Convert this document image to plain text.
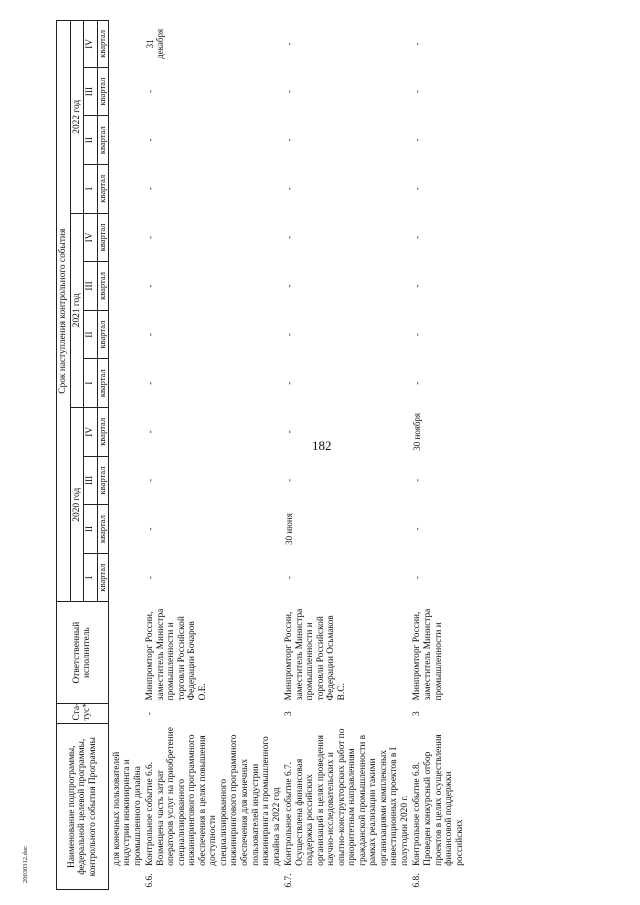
182
20030312.doc	Наименование подпрограммы, федеральной целевой программы, контрольного события Программы		Ста-тус*	Ответственный исполнитель	Срок наступления контрольного события											
				2020 год				2021 год				2022 год			
				I	II	III	IV	I	II	III	IV	I	II	III	IV
				квартал	квартал	квартал	квартал	квартал	квартал	квартал	квартал	квартал	квартал	квартал	квартал
	для конечных пользователей индустрии инжиниринга и промышленного дизайна														
6.6.	Контрольное событие 6.6. Возмещена часть затрат операторов услуг на приобретение специализированного инжинирингового программного обеспечения в целях повышения доступности специализированного инжинирингового программного обеспечения для конечных пользователей индустрии инжиниринга и промышленного дизайна за 2022 год	-	Минпромторг России, заместитель Министра промышленности и торговли Российской Федерации Бочаров О.Е.	-	-	-	-	-	-	-	-	-	-	-	31 декабря
6.7.	Контрольное событие 6.7. Осуществлена финансовая поддержка российских организаций в целях проведения научно-исследовательских и опытно-конструкторских работ по приоритетным направлениям гражданской промышленности в рамках реализации такими организациями комплексных инвестиционных проектов в I полугодии 2020 г.	3	Минпромторг России, заместитель Министра промышленности и торговли Российской Федерации Осьмаков В.С.	-	30 июня	-	-	-	-	-	-	-	-	-	-
6.8.	Контрольное событие 6.8. Проведен конкурсный отбор проектов в целях осуществления финансовой поддержки российских	3	Минпромторг России, заместитель Министра промышленности и	-	-	-	30 ноября	-	-	-	-	-	-	-	-
